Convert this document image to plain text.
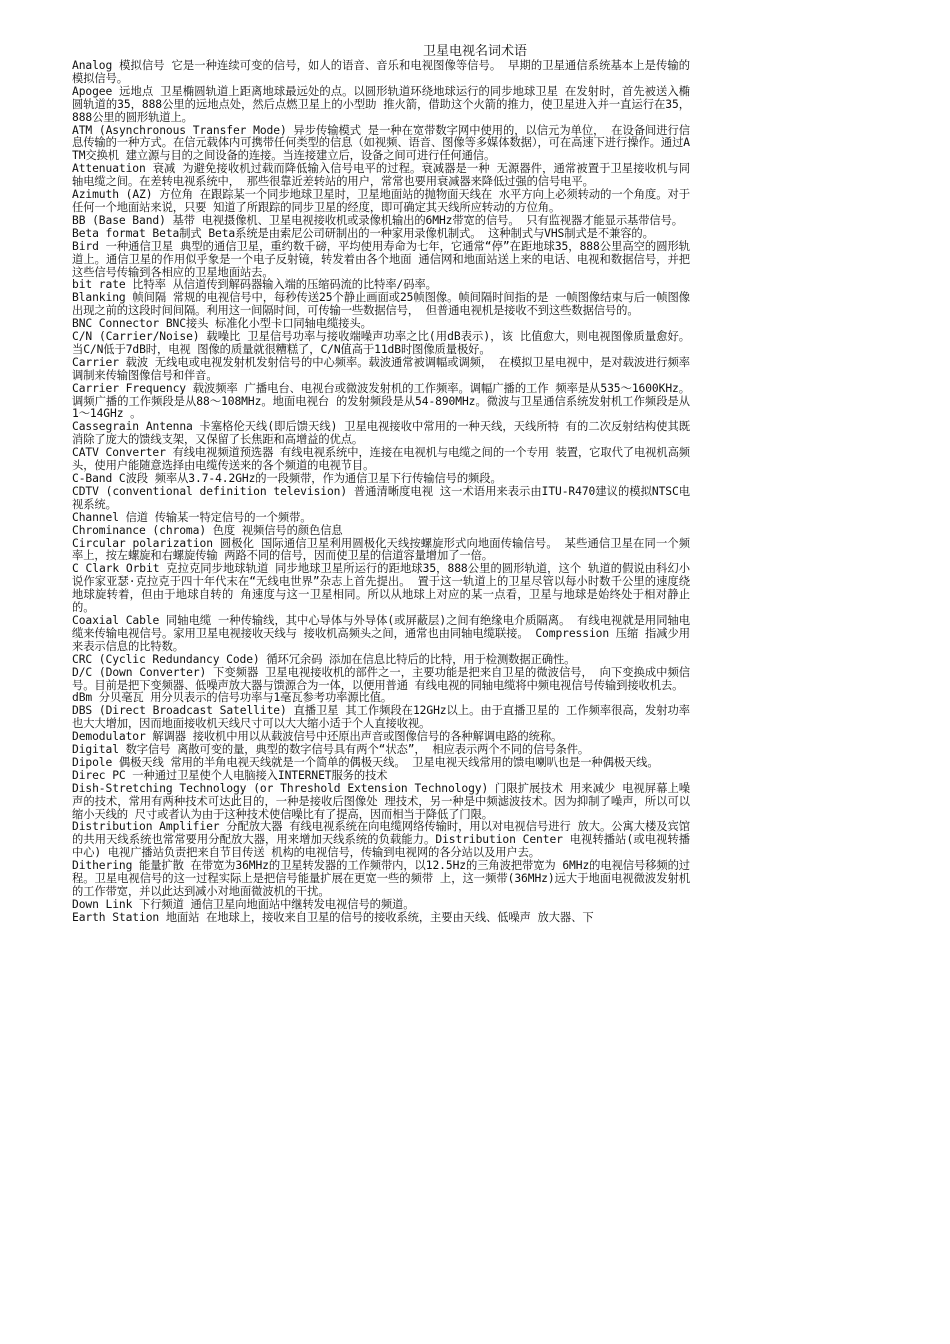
卫星电视名词术语

Analog 模拟信号 它是一种连续可变的信号，如人的语音、音乐和电视图像等信号。 早期的卫星通信系统基本上是传输的模拟信号。

Apogee 远地点 卫星椭圆轨道上距离地球最远处的点。以圆形轨道环绕地球运行的同步地球卫星 在发射时，首先被送入椭圆轨道的35，888公里的远地点处，然后点燃卫星上的小型助 推火箭，借助这个火箭的推力，使卫星进入并一直运行在35，888公里的圆形轨道上。

ATM (Asynchronous Transfer Mode) 异步传输模式 是一种在宽带数字网中使用的，以信元为单位， 在设备间进行信息传输的一种方式。在信元载体内可携带任何类型的信息（如视频、语音、图像等多媒体数据），可在高速下进行操作。通过ATM交换机 建立源与目的之间设备的连接。当连接建立后，设备之间可进行任何通信。

Attenuation 衰减 为避免接收机过载而降低输入信号电平的过程。衰减器是一种 无源器件，通常被置于卫星接收机与同轴电缆之间。在差转电视系统中， 那些很靠近差转站的用户，常常也要用衰减器来降低过强的信号电平。

Azimuth (AZ) 方位角 在跟踪某一个同步地球卫星时，卫星地面站的抛物面天线在 水平方向上必须转动的一个角度。对于任何一个地面站来说，只要 知道了所跟踪的同步卫星的经度，即可确定其天线所应转动的方位角。

BB (Base Band) 基带 电视摄像机、卫星电视接收机或录像机输出的6MHz带宽的信号。 只有监视器才能显示基带信号。

Beta format Beta制式 Beta系统是由索尼公司研制出的一种家用录像机制式。 这种制式与VHS制式是不兼容的。

Bird 一种通信卫星 典型的通信卫星，重约数千磅，平均使用寿命为七年，它通常“停”在距地球35，888公里高空的圆形轨道上。通信卫星的作用似乎象是一个电子反射镜，转发着由各个地面 通信网和地面站送上来的电话、电视和数据信号，并把这些信号传输到各相应的卫星地面站去。

bit rate 比特率 从信道传到解码器输入端的压缩码流的比特率/码率。

Blanking 帧间隔 常规的电视信号中，每秒传送25个静止画面或25帧图像。帧间隔时间指的是 一帧图像结束与后一帧图像出现之前的这段时间间隔。利用这一间隔时间，可传输一些数据信号， 但普通电视机是接收不到这些数据信号的。

BNC Connector BNC接头 标准化小型卡口同轴电缆接头。

C/N (Carrier/Noise) 载噪比 卫星信号功率与接收端噪声功率之比(用dB表示)，该 比值愈大，则电视图像质量愈好。当C/N低于7dB时，电视 图像的质量就很糟糕了，C/N值高于11dB时图像质量极好。

Carrier 载波 无线电或电视发射机发射信号的中心频率。载波通常被调幅或调频， 在模拟卫星电视中，是对载波进行频率调制来传输图像信号和伴音。

Carrier Frequency 载波频率 广播电台、电视台或微波发射机的工作频率。调幅广播的工作 频率是从535～1600KHz。调频广播的工作频段是从88～108MHz。地面电视台 的发射频段是从54-890MHz。微波与卫星通信系统发射机工作频段是从1～14GHz 。

Cassegrain Antenna 卡塞格伦天线(即后馈天线) 卫星电视接收中常用的一种天线，天线所特 有的二次反射结构使其既消除了庞大的馈线支架，又保留了长焦距和高增益的优点。

CATV Converter 有线电视频道预选器 有线电视系统中，连接在电视机与电缆之间的一个专用 装置，它取代了电视机高频头，使用户能随意选择由电缆传送来的各个频道的电视节目。

C-Band C波段 频率从3.7-4.2GHz的一段频带，作为通信卫星下行传输信号的频段。

CDTV (conventional definition television) 普通清晰度电视 这一术语用来表示由ITU-R470建议的模拟NTSC电视系统。

Channel 信道 传输某一特定信号的一个频带。

Chrominance (chroma) 色度 视频信号的颜色信息

Circular polarization 圆极化 国际通信卫星利用圆极化天线按螺旋形式向地面传输信号。 某些通信卫星在同一个频率上，按左螺旋和右螺旋传输 两路不同的信号，因而使卫星的信道容量增加了一倍。

C Clark Orbit 克拉克同步地球轨道 同步地球卫星所运行的距地球35，888公里的圆形轨道，这个 轨道的假说由科幻小说作家亚瑟·克拉克于四十年代末在“无线电世界”杂志上首先提出。 置于这一轨道上的卫星尽管以每小时数千公里的速度绕地球旋转着，但由于地球自转的 角速度与这一卫星相同。所以从地球上对应的某一点看，卫星与地球是始终处于相对静止的。

Coaxial Cable 同轴电缆 一种传输线，其中心导体与外导体(或屏蔽层)之间有绝缘电介质隔离。 有线电视就是用同轴电缆来传输电视信号。家用卫星电视接收天线与 接收机高频头之间，通常也由同轴电缆联接。 Compression 压缩 指减少用来表示信息的比特数。

CRC (Cyclic Redundancy Code) 循环冗余码 添加在信息比特后的比特，用于检测数据正确性。

D/C (Down Converter) 下变频器 卫星电视接收机的部件之一，主要功能是把来自卫星的微波信号， 向下变换成中频信号。目前是把下变频器、低噪声放大器与馈源合为一体，以便用普通 有线电视的同轴电缆将中频电视信号传输到接收机去。

dBm 分贝毫瓦 用分贝表示的信号功率与1毫瓦参考功率源比值。

DBS (Direct Broadcast Satellite) 直播卫星 其工作频段在12GHz以上。由于直播卫星的 工作频率很高，发射功率也大大增加，因而地面接收机天线尺寸可以大大缩小适于个人直接收视。

Demodulator 解调器 接收机中用以从载波信号中还原出声音或图像信号的各种解调电路的统称。

Digital 数字信号 离散可变的量，典型的数字信号具有两个“状态”， 相应表示两个不同的信号条件。

Dipole 偶极天线 常用的半角电视天线就是一个简单的偶极天线。 卫星电视天线常用的馈电喇叭也是一种偶极天线。

Direc PC 一种通过卫星使个人电脑接入INTERNET服务的技术

Dish-Stretching Technology (or Threshold Extension Technology) 门限扩展技术 用来减少 电视屏幕上噪声的技术，常用有两种技术可达此目的，一种是接收后图像处 理技术，另一种是中频滤波技术。因为抑制了噪声，所以可以缩小天线的 尺寸或者认为由于这种技术使信噪比有了提高，因而相当于降低了门限。

Distribution Amplifier 分配放大器 有线电视系统在向电缆网络传输时，用以对电视信号进行 放大。公寓大楼及宾馆的共用天线系统也常常要用分配放大器，用来增加天线系统的负载能力。Distribution Center 电视转播站(或电视转播中心) 电视广播站负责把来自节目传送 机构的电视信号，传输到电视网的各分站以及用户去。

Dithering 能量扩散 在带宽为36MHz的卫星转发器的工作频带内，以12.5Hz的三角波把带宽为 6MHz的电视信号移频的过程。卫星电视信号的这一过程实际上是把信号能量扩展在更宽一些的频带 上，这一频带(36MHz)远大于地面电视微波发射机的工作带宽，并以此达到减小对地面微波机的干扰。

Down Link 下行频道 通信卫星向地面站中继转发电视信号的频道。

Earth Station 地面站 在地球上，接收来自卫星的信号的接收系统，主要由天线、低噪声 放大器、下
